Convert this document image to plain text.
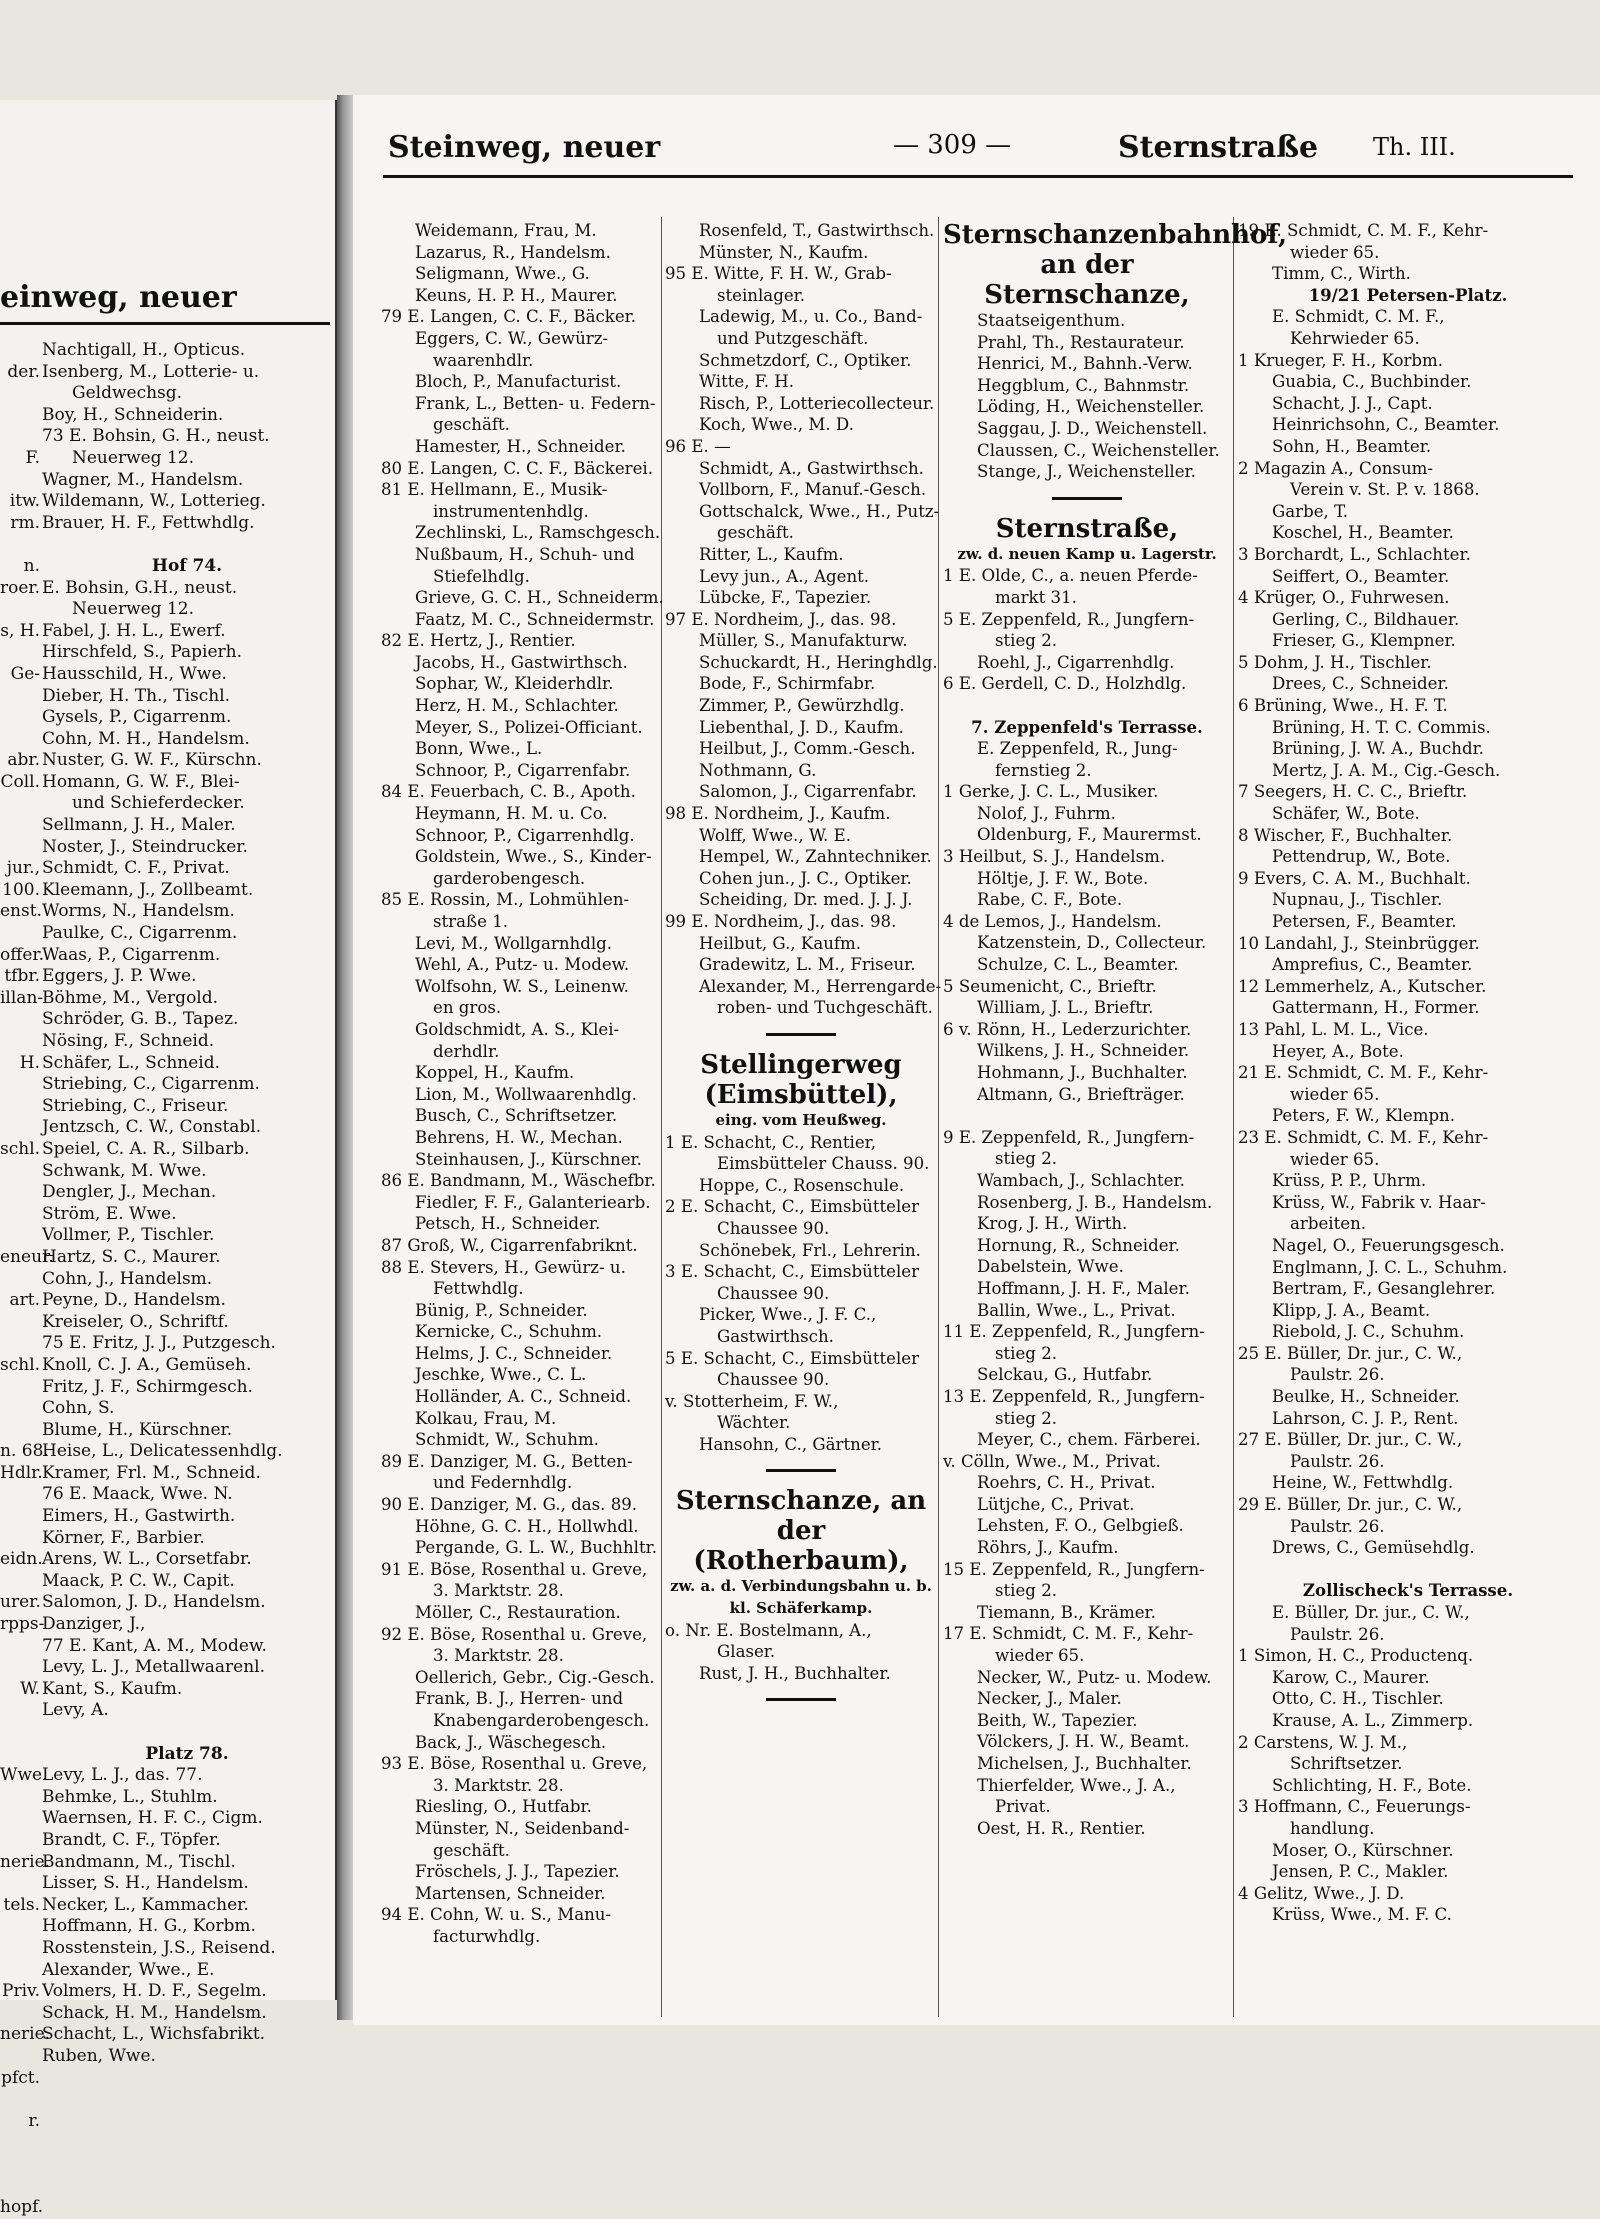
einweg, neuer

der.

F.

itw.
rm.

n.
roer.

s, H.

Ge-

abr.
Coll.

jur.,
100.
enst.

offer.
tfbr.
illan-

H.

schl.

eneur.

art.

schl.

n. 68.
Hdlr.

eidn.

urer.
rpps-

W.

Wwe.

nerie.

tels.

Priv.

nerie.

pfct.

r.

hopf.
Nachtigall, H., Opticus.
Isenberg, M., Lotterie- u.
Geldwechsg.
Boy, H., Schneiderin.
73 E. Bohsin, G. H., neust.
Neuerweg 12.
Wagner, M., Handelsm.
Wildemann, W., Lotterieg.
Brauer, H. F., Fettwhdlg.

Hof 74.
E. Bohsin, G.H., neust.
Neuerweg 12.
Fabel, J. H. L., Ewerf.
Hirschfeld, S., Papierh.
Hausschild, H., Wwe.
Dieber, H. Th., Tischl.
Gysels, P., Cigarrenm.
Cohn, M. H., Handelsm.
Nuster, G. W. F., Kürschn.
Homann, G. W. F., Blei-
und Schieferdecker.
Sellmann, J. H., Maler.
Noster, J., Steindrucker.
Schmidt, C. F., Privat.
Kleemann, J., Zollbeamt.
Worms, N., Handelsm.
Paulke, C., Cigarrenm.
Waas, P., Cigarrenm.
Eggers, J. P. Wwe.
Böhme, M., Vergold.
Schröder, G. B., Tapez.
Nösing, F., Schneid.
Schäfer, L., Schneid.
Striebing, C., Cigarrenm.
Striebing, C., Friseur.
Jentzsch, C. W., Constabl.
Speiel, C. A. R., Silbarb.
Schwank, M. Wwe.
Dengler, J., Mechan.
Ström, E. Wwe.
Vollmer, P., Tischler.
Hartz, S. C., Maurer.
Cohn, J., Handelsm.
Peyne, D., Handelsm.
Kreiseler, O., Schriftf.
75 E. Fritz, J. J., Putzgesch.
Knoll, C. J. A., Gemüseh.
Fritz, J. F., Schirmgesch.
Cohn, S.
Blume, H., Kürschner.
Heise, L., Delicatessenhdlg.
Kramer, Frl. M., Schneid.
76 E. Maack, Wwe. N.
Eimers, H., Gastwirth.
Körner, F., Barbier.
Arens, W. L., Corsetfabr.
Maack, P. C. W., Capit.
Salomon, J. D., Handelsm.
Danziger, J.,
77 E. Kant, A. M., Modew.
Levy, L. J., Metallwaarenl.
Kant, S., Kaufm.
Levy, A.

Platz 78.
Levy, L. J., das. 77.
Behmke, L., Stuhlm.
Waernsen, H. F. C., Cigm.
Brandt, C. F., Töpfer.
Bandmann, M., Tischl.
Lisser, S. H., Handelsm.
Necker, L., Kammacher.
Hoffmann, H. G., Korbm.
Rosstenstein, J.S., Reisend.
Alexander, Wwe., E.
Volmers, H. D. F., Segelm.
Schack, H. M., Handelsm.
Schacht, L., Wichsfabrikt.
Ruben, Wwe.
Steinweg, neuer	— 309 —	Sternstraße Th. III.
Weidemann, Frau, M.
Lazarus, R., Handelsm.
Seligmann, Wwe., G.
Keuns, H. P. H., Maurer.
79 E. Langen, C. C. F., Bäcker.
Eggers, C. W., Gewürz-
waarenhdlr.
Bloch, P., Manufacturist.
Frank, L., Betten- u. Federn-
geschäft.
Hamester, H., Schneider.
80 E. Langen, C. C. F., Bäckerei.
81 E. Hellmann, E., Musik-
instrumentenhdlg.
Zechlinski, L., Ramschgesch.
Nußbaum, H., Schuh- und
Stiefelhdlg.
Grieve, G. C. H., Schneiderm.
Faatz, M. C., Schneidermstr.
82 E. Hertz, J., Rentier.
Jacobs, H., Gastwirthsch.
Sophar, W., Kleiderhdlr.
Herz, H. M., Schlachter.
Meyer, S., Polizei-Officiant.
Bonn, Wwe., L.
Schnoor, P., Cigarrenfabr.
84 E. Feuerbach, C. B., Apoth.
Heymann, H. M. u. Co.
Schnoor, P., Cigarrenhdlg.
Goldstein, Wwe., S., Kinder-
garderobengesch.
85 E. Rossin, M., Lohmühlen-
straße 1.
Levi, M., Wollgarnhdlg.
Wehl, A., Putz- u. Modew.
Wolfsohn, W. S., Leinenw.
en gros.
Goldschmidt, A. S., Klei-
derhdlr.
Koppel, H., Kaufm.
Lion, M., Wollwaarenhdlg.
Busch, C., Schriftsetzer.
Behrens, H. W., Mechan.
Steinhausen, J., Kürschner.
86 E. Bandmann, M., Wäschefbr.
Fiedler, F. F., Galanteriearb.
Petsch, H., Schneider.
87 Groß, W., Cigarrenfabriknt.
88 E. Stevers, H., Gewürz- u.
Fettwhdlg.
Bünig, P., Schneider.
Kernicke, C., Schuhm.
Helms, J. C., Schneider.
Jeschke, Wwe., C. L.
Holländer, A. C., Schneid.
Kolkau, Frau, M.
Schmidt, W., Schuhm.
89 E. Danziger, M. G., Betten-
und Federnhdlg.
90 E. Danziger, M. G., das. 89.
Höhne, G. C. H., Hollwhdl.
Pergande, G. L. W., Buchhltr.
91 E. Böse, Rosenthal u. Greve,
3. Marktstr. 28.
Möller, C., Restauration.
92 E. Böse, Rosenthal u. Greve,
3. Marktstr. 28.
Oellerich, Gebr., Cig.-Gesch.
Frank, B. J., Herren- und
Knabengarderobengesch.
Back, J., Wäschegesch.
93 E. Böse, Rosenthal u. Greve,
3. Marktstr. 28.
Riesling, O., Hutfabr.
Münster, N., Seidenband-
geschäft.
Fröschels, J. J., Tapezier.
Martensen, Schneider.
94 E. Cohn, W. u. S., Manu-
facturwhdlg.
Rosenfeld, T., Gastwirthsch.
Münster, N., Kaufm.
95 E. Witte, F. H. W., Grab-
steinlager.
Ladewig, M., u. Co., Band-
und Putzgeschäft.
Schmetzdorf, C., Optiker.
Witte, F. H.
Risch, P., Lotteriecollecteur.
Koch, Wwe., M. D.
96 E. —
Schmidt, A., Gastwirthsch.
Vollborn, F., Manuf.-Gesch.
Gottschalck, Wwe., H., Putz-
geschäft.
Ritter, L., Kaufm.
Levy jun., A., Agent.
Lübcke, F., Tapezier.
97 E. Nordheim, J., das. 98.
Müller, S., Manufakturw.
Schuckardt, H., Heringhdlg.
Bode, F., Schirmfabr.
Zimmer, P., Gewürzhdlg.
Liebenthal, J. D., Kaufm.
Heilbut, J., Comm.-Gesch.
Nothmann, G.
Salomon, J., Cigarrenfabr.
98 E. Nordheim, J., Kaufm.
Wolff, Wwe., W. E.
Hempel, W., Zahntechniker.
Cohen jun., J. C., Optiker.
Scheiding, Dr. med. J. J. J.
99 E. Nordheim, J., das. 98.
Heilbut, G., Kaufm.
Gradewitz, L. M., Friseur.
Alexander, M., Herrengarde-
roben- und Tuchgeschäft.
Stellingerweg (Eimsbüttel),
eing. vom Heußweg.
1 E. Schacht, C., Rentier,
Eimsbütteler Chauss. 90.
Hoppe, C., Rosenschule.
2 E. Schacht, C., Eimsbütteler
Chaussee 90.
Schönebek, Frl., Lehrerin.
3 E. Schacht, C., Eimsbütteler
Chaussee 90.
Picker, Wwe., J. F. C.,
Gastwirthsch.
5 E. Schacht, C., Eimsbütteler
Chaussee 90.
v. Stotterheim, F. W.,
Wächter.
Hansohn, C., Gärtner.
Sternschanze, an der (Rotherbaum),
zw. a. d. Verbindungsbahn u. b. kl. Schäferkamp.
o. Nr. E. Bostelmann, A.,
Glaser.
Rust, J. H., Buchhalter.
Sternschanzenbahnhof, an der Sternschanze,
Staatseigenthum.
Prahl, Th., Restaurateur.
Henrici, M., Bahnh.-Verw.
Heggblum, C., Bahnmstr.
Löding, H., Weichensteller.
Saggau, J. D., Weichenstell.
Claussen, C., Weichensteller.
Stange, J., Weichensteller.
Sternstraße,
zw. d. neuen Kamp u. Lagerstr.
1 E. Olde, C., a. neuen Pferde-
markt 31.
5 E. Zeppenfeld, R., Jungfern-
stieg 2.
Roehl, J., Cigarrenhdlg.
6 E. Gerdell, C. D., Holzhdlg.

7. Zeppenfeld's Terrasse.
E. Zeppenfeld, R., Jung-
fernstieg 2.
1 Gerke, J. C. L., Musiker.
Nolof, J., Fuhrm.
Oldenburg, F., Maurermst.
3 Heilbut, S. J., Handelsm.
Höltje, J. F. W., Bote.
Rabe, C. F., Bote.
4 de Lemos, J., Handelsm.
Katzenstein, D., Collecteur.
Schulze, C. L., Beamter.
5 Seumenicht, C., Brieftr.
William, J. L., Brieftr.
6 v. Rönn, H., Lederzurichter.
Wilkens, J. H., Schneider.
Hohmann, J., Buchhalter.
Altmann, G., Briefträger.

9 E. Zeppenfeld, R., Jungfern-
stieg 2.
Wambach, J., Schlachter.
Rosenberg, J. B., Handelsm.
Krog, J. H., Wirth.
Hornung, R., Schneider.
Dabelstein, Wwe.
Hoffmann, J. H. F., Maler.
Ballin, Wwe., L., Privat.
11 E. Zeppenfeld, R., Jungfern-
stieg 2.
Selckau, G., Hutfabr.
13 E. Zeppenfeld, R., Jungfern-
stieg 2.
Meyer, C., chem. Färberei.
v. Cölln, Wwe., M., Privat.
Roehrs, C. H., Privat.
Lütjche, C., Privat.
Lehsten, F. O., Gelbgieß.
Röhrs, J., Kaufm.
15 E. Zeppenfeld, R., Jungfern-
stieg 2.
Tiemann, B., Krämer.
17 E. Schmidt, C. M. F., Kehr-
wieder 65.
Necker, W., Putz- u. Modew.
Necker, J., Maler.
Beith, W., Tapezier.
Völckers, J. H. W., Beamt.
Michelsen, J., Buchhalter.
Thierfelder, Wwe., J. A.,
Privat.
Oest, H. R., Rentier.
19 E. Schmidt, C. M. F., Kehr-
wieder 65.
Timm, C., Wirth.
19/21 Petersen-Platz.
E. Schmidt, C. M. F.,
Kehrwieder 65.
1 Krueger, F. H., Korbm.
Guabia, C., Buchbinder.
Schacht, J. J., Capt.
Heinrichsohn, C., Beamter.
Sohn, H., Beamter.
2 Magazin A., Consum-
Verein v. St. P. v. 1868.
Garbe, T.
Koschel, H., Beamter.
3 Borchardt, L., Schlachter.
Seiffert, O., Beamter.
4 Krüger, O., Fuhrwesen.
Gerling, C., Bildhauer.
Frieser, G., Klempner.
5 Dohm, J. H., Tischler.
Drees, C., Schneider.
6 Brüning, Wwe., H. F. T.
Brüning, H. T. C. Commis.
Brüning, J. W. A., Buchdr.
Mertz, J. A. M., Cig.-Gesch.
7 Seegers, H. C. C., Brieftr.
Schäfer, W., Bote.
8 Wischer, F., Buchhalter.
Pettendrup, W., Bote.
9 Evers, C. A. M., Buchhalt.
Nupnau, J., Tischler.
Petersen, F., Beamter.
10 Landahl, J., Steinbrügger.
Amprefius, C., Beamter.
12 Lemmerhelz, A., Kutscher.
Gattermann, H., Former.
13 Pahl, L. M. L., Vice.
Heyer, A., Bote.
21 E. Schmidt, C. M. F., Kehr-
wieder 65.
Peters, F. W., Klempn.
23 E. Schmidt, C. M. F., Kehr-
wieder 65.
Krüss, P. P., Uhrm.
Krüss, W., Fabrik v. Haar-
arbeiten.
Nagel, O., Feuerungsgesch.
Englmann, J. C. L., Schuhm.
Bertram, F., Gesanglehrer.
Klipp, J. A., Beamt.
Riebold, J. C., Schuhm.
25 E. Büller, Dr. jur., C. W.,
Paulstr. 26.
Beulke, H., Schneider.
Lahrson, C. J. P., Rent.
27 E. Büller, Dr. jur., C. W.,
Paulstr. 26.
Heine, W., Fettwhdlg.
29 E. Büller, Dr. jur., C. W.,
Paulstr. 26.
Drews, C., Gemüsehdlg.

Zollischeck's Terrasse.
E. Büller, Dr. jur., C. W.,
Paulstr. 26.
1 Simon, H. C., Productenq.
Karow, C., Maurer.
Otto, C. H., Tischler.
Krause, A. L., Zimmerp.
2 Carstens, W. J. M.,
Schriftsetzer.
Schlichting, H. F., Bote.
3 Hoffmann, C., Feuerungs-
handlung.
Moser, O., Kürschner.
Jensen, P. C., Makler.
4 Gelitz, Wwe., J. D.
Krüss, Wwe., M. F. C.
